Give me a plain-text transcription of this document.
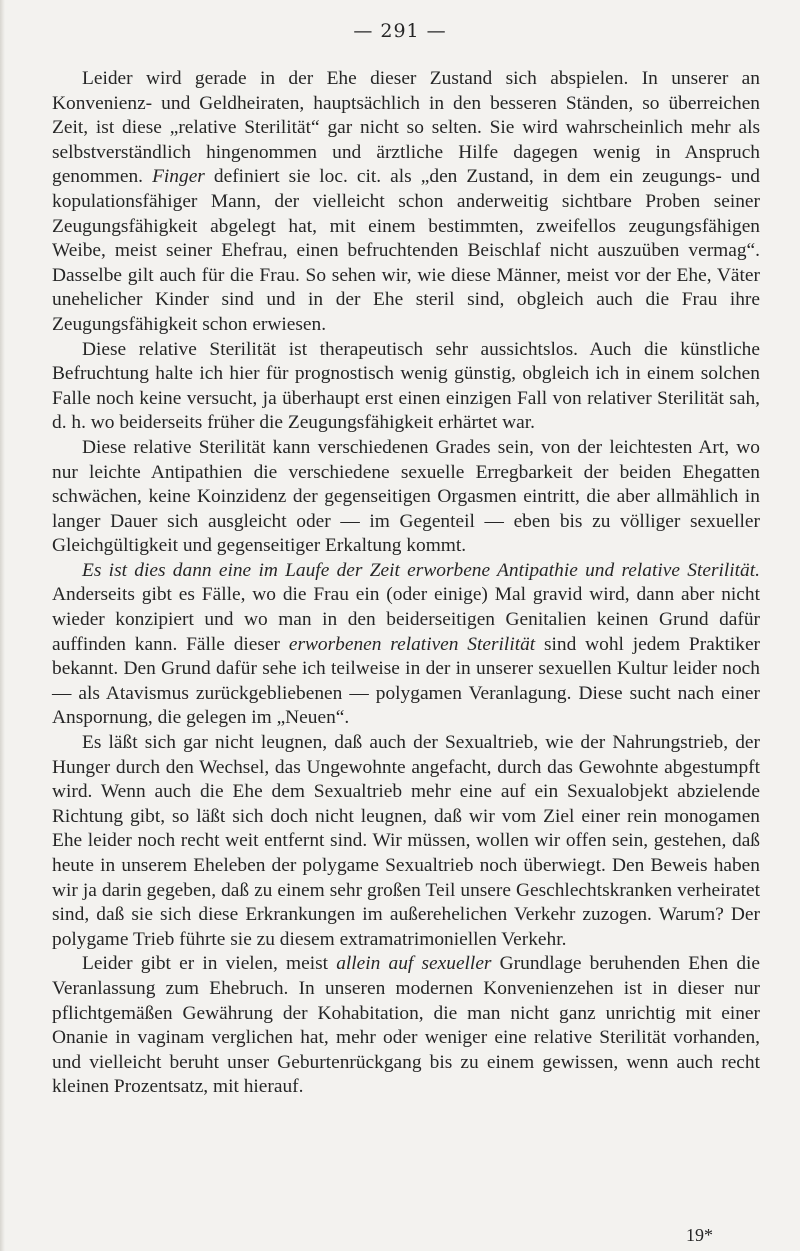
— 291 —

Leider wird gerade in der Ehe dieser Zustand sich abspielen. In unserer an Konvenienz- und Geldheiraten, hauptsächlich in den besseren Ständen, so überreichen Zeit, ist diese „relative Sterilität“ gar nicht so selten. Sie wird wahrscheinlich mehr als selbstverständlich hingenommen und ärztliche Hilfe dagegen wenig in Anspruch genommen. Finger definiert sie loc. cit. als „den Zustand, in dem ein zeugungs- und kopulationsfähiger Mann, der vielleicht schon anderweitig sichtbare Proben seiner Zeugungsfähigkeit abgelegt hat, mit einem bestimmten, zweifellos zeugungsfähigen Weibe, meist seiner Ehefrau, einen befruchtenden Beischlaf nicht auszuüben vermag“. Dasselbe gilt auch für die Frau. So sehen wir, wie diese Männer, meist vor der Ehe, Väter unehelicher Kinder sind und in der Ehe steril sind, obgleich auch die Frau ihre Zeugungsfähigkeit schon erwiesen.

Diese relative Sterilität ist therapeutisch sehr aussichtslos. Auch die künstliche Befruchtung halte ich hier für prognostisch wenig günstig, obgleich ich in einem solchen Falle noch keine versucht, ja überhaupt erst einen einzigen Fall von relativer Sterilität sah, d. h. wo beiderseits früher die Zeugungsfähigkeit erhärtet war.

Diese relative Sterilität kann verschiedenen Grades sein, von der leichtesten Art, wo nur leichte Antipathien die verschiedene sexuelle Erregbarkeit der beiden Ehegatten schwächen, keine Koinzidenz der gegenseitigen Orgasmen eintritt, die aber allmählich in langer Dauer sich ausgleicht oder — im Gegenteil — eben bis zu völliger sexueller Gleichgültigkeit und gegenseitiger Erkaltung kommt.

Es ist dies dann eine im Laufe der Zeit erworbene Antipathie und relative Sterilität. Anderseits gibt es Fälle, wo die Frau ein (oder einige) Mal gravid wird, dann aber nicht wieder konzipiert und wo man in den beiderseitigen Genitalien keinen Grund dafür auffinden kann. Fälle dieser erworbenen relativen Sterilität sind wohl jedem Praktiker bekannt. Den Grund dafür sehe ich teilweise in der in unserer sexuellen Kultur leider noch — als Atavismus zurückgebliebenen — polygamen Veranlagung. Diese sucht nach einer Anspornung, die gelegen im „Neuen“.

Es läßt sich gar nicht leugnen, daß auch der Sexualtrieb, wie der Nahrungstrieb, der Hunger durch den Wechsel, das Ungewohnte angefacht, durch das Gewohnte abgestumpft wird. Wenn auch die Ehe dem Sexualtrieb mehr eine auf ein Sexualobjekt abzielende Richtung gibt, so läßt sich doch nicht leugnen, daß wir vom Ziel einer rein monogamen Ehe leider noch recht weit entfernt sind. Wir müssen, wollen wir offen sein, gestehen, daß heute in unserem Eheleben der polygame Sexualtrieb noch überwiegt. Den Beweis haben wir ja darin gegeben, daß zu einem sehr großen Teil unsere Geschlechtskranken verheiratet sind, daß sie sich diese Erkrankungen im außerehelichen Verkehr zuzogen. Warum? Der polygame Trieb führte sie zu diesem extramatrimoniellen Verkehr.

Leider gibt er in vielen, meist allein auf sexueller Grundlage beruhenden Ehen die Veranlassung zum Ehebruch. In unseren modernen Konvenienzehen ist in dieser nur pflichtgemäßen Gewährung der Kohabitation, die man nicht ganz unrichtig mit einer Onanie in vaginam verglichen hat, mehr oder weniger eine relative Sterilität vorhanden, und vielleicht beruht unser Geburtenrückgang bis zu einem gewissen, wenn auch recht kleinen Prozentsatz, mit hierauf.

19*
